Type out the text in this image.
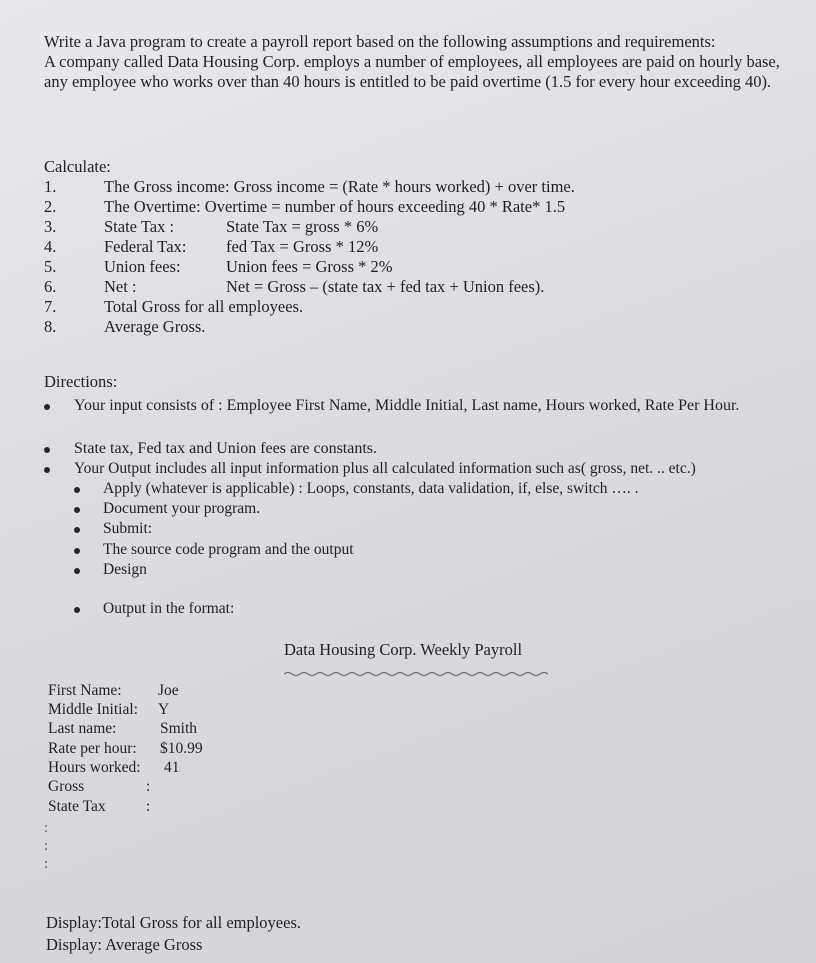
Write a Java program to create a payroll report based on the following assumptions and requirements:

A company called Data Housing Corp. employs a number of employees, all employees are paid on hourly base, any employee who works over than 40 hours is entitled to be paid overtime (1.5 for every hour exceeding 40).

Calculate:
1.	The Gross income: Gross income = (Rate * hours worked) + over time.
2.	The Overtime: Overtime = number of hours exceeding 40 * Rate* 1.5
3.	State Tax :	State Tax = gross * 6%
4.	Federal Tax: fed Tax = Gross * 12%
5.	Union fees:	Union fees = Gross * 2%
6.	Net :	Net = Gross – (state tax + fed tax + Union fees).
7.	Total Gross for all employees.
8.	Average Gross.
Directions:
Your input consists of : Employee First Name, Middle Initial, Last name, Hours worked, Rate Per Hour.
State tax, Fed tax and Union fees are constants.
Your Output includes all input information plus all calculated information such as( gross, net. .. etc.)
Apply (whatever is applicable) : Loops, constants, data validation, if, else, switch …. .
Document your program.
Submit:
The source code program and the output
Design
Output in the format:
Data Housing Corp. Weekly Payroll
First Name: Joe
Middle Initial: Y
Last name:	Smith
Rate per hour: $10.99
Hours worked: 41
Gross	:
State Tax	:
:
:
:
Display:Total Gross for all employees.
Display: Average Gross
